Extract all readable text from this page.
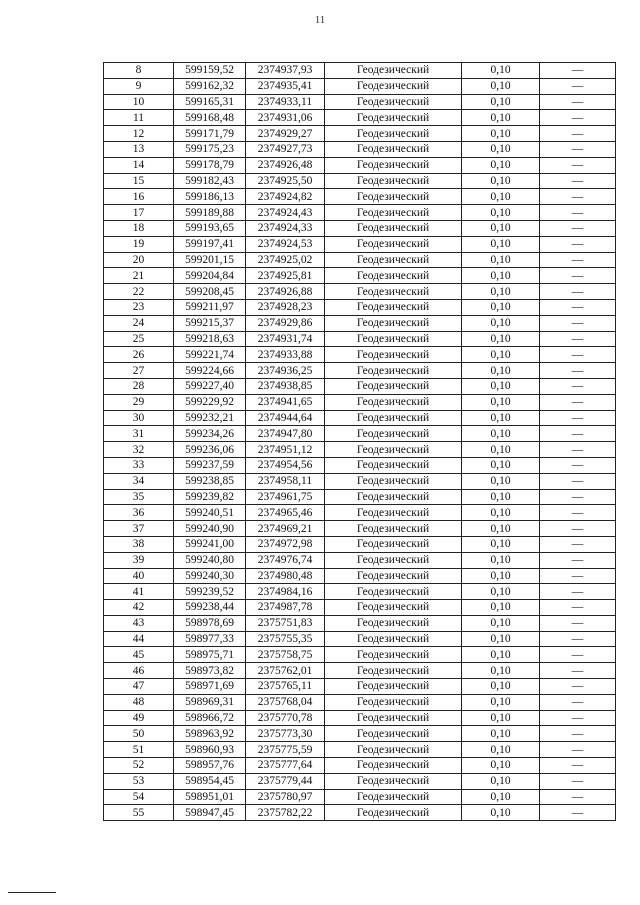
11
8	599159,52	2374937,93	Геодезический	0,10	—
9	599162,32	2374935,41	Геодезический	0,10	—
10	599165,31	2374933,11	Геодезический	0,10	—
11	599168,48	2374931,06	Геодезический	0,10	—
12	599171,79	2374929,27	Геодезический	0,10	—
13	599175,23	2374927,73	Геодезический	0,10	—
14	599178,79	2374926,48	Геодезический	0,10	—
15	599182,43	2374925,50	Геодезический	0,10	—
16	599186,13	2374924,82	Геодезический	0,10	—
17	599189,88	2374924,43	Геодезический	0,10	—
18	599193,65	2374924,33	Геодезический	0,10	—
19	599197,41	2374924,53	Геодезический	0,10	—
20	599201,15	2374925,02	Геодезический	0,10	—
21	599204,84	2374925,81	Геодезический	0,10	—
22	599208,45	2374926,88	Геодезический	0,10	—
23	599211,97	2374928,23	Геодезический	0,10	—
24	599215,37	2374929,86	Геодезический	0,10	—
25	599218,63	2374931,74	Геодезический	0,10	—
26	599221,74	2374933,88	Геодезический	0,10	—
27	599224,66	2374936,25	Геодезический	0,10	—
28	599227,40	2374938,85	Геодезический	0,10	—
29	599229,92	2374941,65	Геодезический	0,10	—
30	599232,21	2374944,64	Геодезический	0,10	—
31	599234,26	2374947,80	Геодезический	0,10	—
32	599236,06	2374951,12	Геодезический	0,10	—
33	599237,59	2374954,56	Геодезический	0,10	—
34	599238,85	2374958,11	Геодезический	0,10	—
35	599239,82	2374961,75	Геодезический	0,10	—
36	599240,51	2374965,46	Геодезический	0,10	—
37	599240,90	2374969,21	Геодезический	0,10	—
38	599241,00	2374972,98	Геодезический	0,10	—
39	599240,80	2374976,74	Геодезический	0,10	—
40	599240,30	2374980,48	Геодезический	0,10	—
41	599239,52	2374984,16	Геодезический	0,10	—
42	599238,44	2374987,78	Геодезический	0,10	—
43	598978,69	2375751,83	Геодезический	0,10	—
44	598977,33	2375755,35	Геодезический	0,10	—
45	598975,71	2375758,75	Геодезический	0,10	—
46	598973,82	2375762,01	Геодезический	0,10	—
47	598971,69	2375765,11	Геодезический	0,10	—
48	598969,31	2375768,04	Геодезический	0,10	—
49	598966,72	2375770,78	Геодезический	0,10	—
50	598963,92	2375773,30	Геодезический	0,10	—
51	598960,93	2375775,59	Геодезический	0,10	—
52	598957,76	2375777,64	Геодезический	0,10	—
53	598954,45	2375779,44	Геодезический	0,10	—
54	598951,01	2375780,97	Геодезический	0,10	—
55	598947,45	2375782,22	Геодезический	0,10	—
